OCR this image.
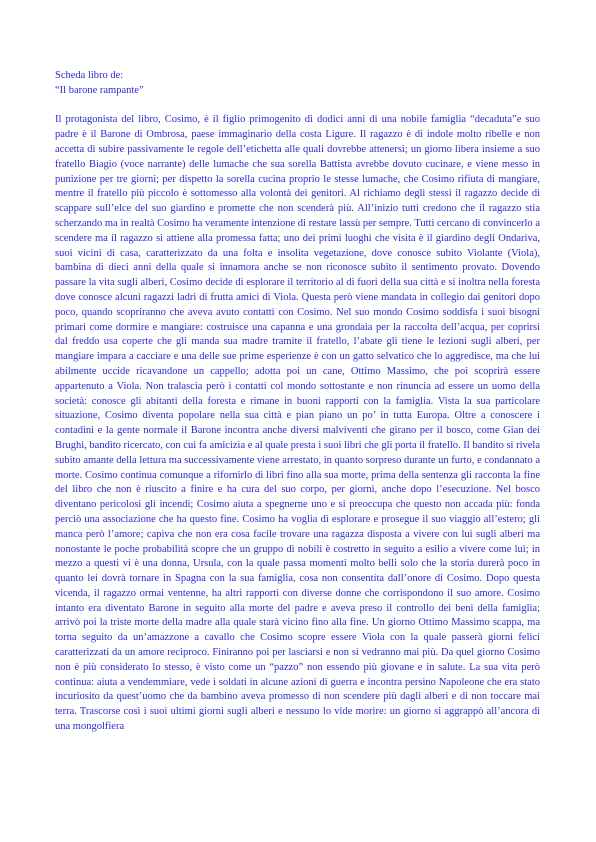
Scheda libro de:
“Il barone rampante”

Il protagonista del libro, Cosimo, è il figlio primogenito di dodici anni di una nobile famiglia “decaduta”e suo padre è il Barone di Ombrosa, paese immaginario della costa Ligure. Il ragazzo è di indole molto ribelle e non accetta di subire passivamente le regole dell’etichetta alle quali dovrebbe attenersi; un giorno libera insieme a suo fratello Biagio (voce narrante) delle lumache che sua sorella Battista avrebbe dovuto cucinare, e viene messo in punizione per tre giorni; per dispetto la sorella cucina proprio le stesse lumache, che Cosimo rifiuta di mangiare, mentre il fratello più piccolo è sottomesso alla volontà dei genitori. Al richiamo degli stessi il ragazzo decide di scappare sull’elce del suo giardino e promette che non scenderà più. All’inizio tutti credono che il ragazzo stia scherzando ma in realtà Cosimo ha veramente intenzione di restare lassù per sempre. Tutti cercano di convincerlo a scendere ma il ragazzo si attiene alla promessa fatta; uno dei primi luoghi che visita è il giardino degli Ondariva, suoi vicini di casa, caratterizzato da una folta e insolita vegetazione, dove conosce subito Violante (Viola), bambina di dieci anni della quale si innamora anche se non riconosce subito il sentimento provato. Dovendo passare la vita sugli alberi, Cosimo decide di esplorare il territorio al di fuori della sua città e si inoltra nella foresta dove conosce alcuni ragazzi ladri di frutta amici di Viola. Questa però viene mandata in collegio dai genitori dopo poco, quando scopriranno che aveva avuto contatti con Cosimo. Nel suo mondo Cosimo soddisfa i suoi bisogni primari come dormire e mangiare: costruisce una capanna e una grondaia per la raccolta dell’acqua, per coprirsi dal freddo usa coperte che gli manda sua madre tramite il fratello, l’abate gli tiene le lezioni sugli alberi, per mangiare impara a cacciare e una delle sue prime esperienze è con un gatto selvatico che lo aggredisce, ma che lui abilmente uccide ricavandone un cappello; adotta poi un cane, Ottimo Massimo, che poi scoprirà essere appartenuto a Viola. Non tralascia però i contatti col mondo sottostante e non rinuncia ad essere un uomo della società: conosce gli abitanti della foresta e rimane in buoni rapporti con la famiglia. Vista la sua particolare situazione, Cosimo diventa popolare nella sua città e pian piano un po’ in tutta Europa. Oltre a conoscere i contadini e la gente normale il Barone incontra anche diversi malviventi che girano per il bosco, come Gian dei Brughi, bandito ricercato, con cui fa amicizia e al quale presta i suoi libri che gli porta il fratello. Il bandito si rivela subito amante della lettura ma successivamente viene arrestato, in quanto sorpreso durante un furto, e condannato a morte. Cosimo continua comunque a rifornirlo di libri fino alla sua morte, prima della sentenza gli racconta la fine del libro che non è riuscito a finire e ha cura del suo corpo, per giorni, anche dopo l’esecuzione. Nel bosco diventano pericolosi gli incendi; Cosimo aiuta a spegnerne uno e si preoccupa che questo non accada più: fonda perciò una associazione che ha questo fine. Cosimo ha voglia di esplorare e prosegue il suo viaggio all’estero; gli manca però l’amore; capiva che non era cosa facile trovare una ragazza disposta a vivere con lui sugli alberi ma nonostante le poche probabilità scopre che un gruppo di nobili è costretto in seguito a esilio a vivere come lui; in mezzo a questi vi è una donna, Ursula, con la quale passa momenti molto belli solo che la storia durerà poco in quanto lei dovrà tornare in Spagna con la sua famiglia, cosa non consentita dall’onore di Cosimo. Dopo questa vicenda, il ragazzo ormai ventenne, ha altri rapporti con diverse donne che corrispondono il suo amore. Cosimo intanto era diventato Barone in seguito alla morte del padre e aveva preso il controllo dei beni della famiglia; arrivò poi la triste morte della madre alla quale starà vicino fino alla fine. Un giorno Ottimo Massimo scappa, ma torna seguito da un’amazzone a cavallo che Cosimo scopre essere Viola con la quale passerà giorni felici caratterizzati da un amore reciproco. Finiranno poi per lasciarsi e non si vedranno mai più. Da quel giorno Cosimo non è più considerato lo stesso, è visto come un “pazzo” non essendo più giovane e in salute. La sua vita però continua: aiuta a vendemmiare, vede i soldati in alcune azioni di guerra e incontra persino Napoleone che era stato incuriosito da quest’uomo che da bambino aveva promesso di non scendere più dagli alberi e di non toccare mai terra. Trascorse così i suoi ultimi giorni sugli alberi e nessuno lo vide morire: un giorno si aggrappò all’ancora di una mongolfiera
